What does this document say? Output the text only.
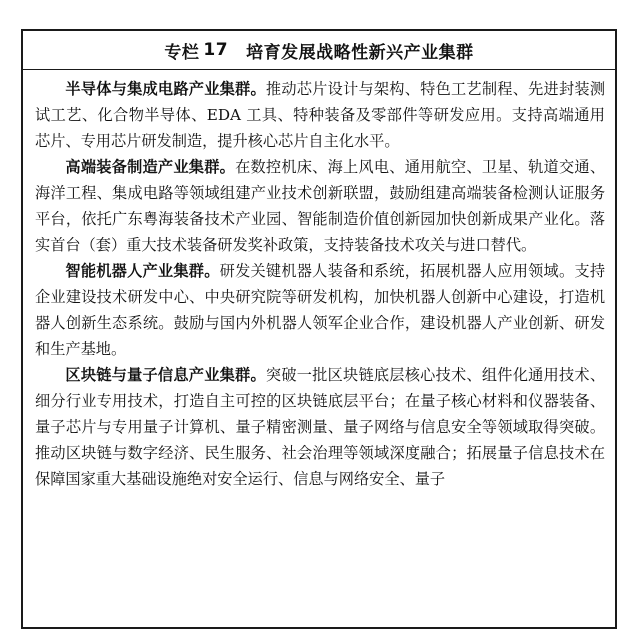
专栏 17 培育发展战略性新兴产业集群

半导体与集成电路产业集群。推动芯片设计与架构、特色工艺制程、先进封装测试工艺、化合物半导体、EDA 工具、特种装备及零部件等研发应用。支持高端通用芯片、专用芯片研发制造，提升核心芯片自主化水平。

高端装备制造产业集群。在数控机床、海上风电、通用航空、卫星、轨道交通、海洋工程、集成电路等领域组建产业技术创新联盟，鼓励组建高端装备检测认证服务平台，依托广东粤海装备技术产业园、智能制造价值创新园加快创新成果产业化。落实首台（套）重大技术装备研发奖补政策，支持装备技术攻关与进口替代。

智能机器人产业集群。研发关键机器人装备和系统，拓展机器人应用领域。支持企业建设技术研发中心、中央研究院等研发机构，加快机器人创新中心建设，打造机器人创新生态系统。鼓励与国内外机器人领军企业合作，建设机器人产业创新、研发和生产基地。

区块链与量子信息产业集群。突破一批区块链底层核心技术、组件化通用技术、细分行业专用技术，打造自主可控的区块链底层平台；在量子核心材料和仪器装备、量子芯片与专用量子计算机、量子精密测量、量子网络与信息安全等领域取得突破。推动区块链与数字经济、民生服务、社会治理等领域深度融合；拓展量子信息技术在保障国家重大基础设施绝对安全运行、信息与网络安全、量子
